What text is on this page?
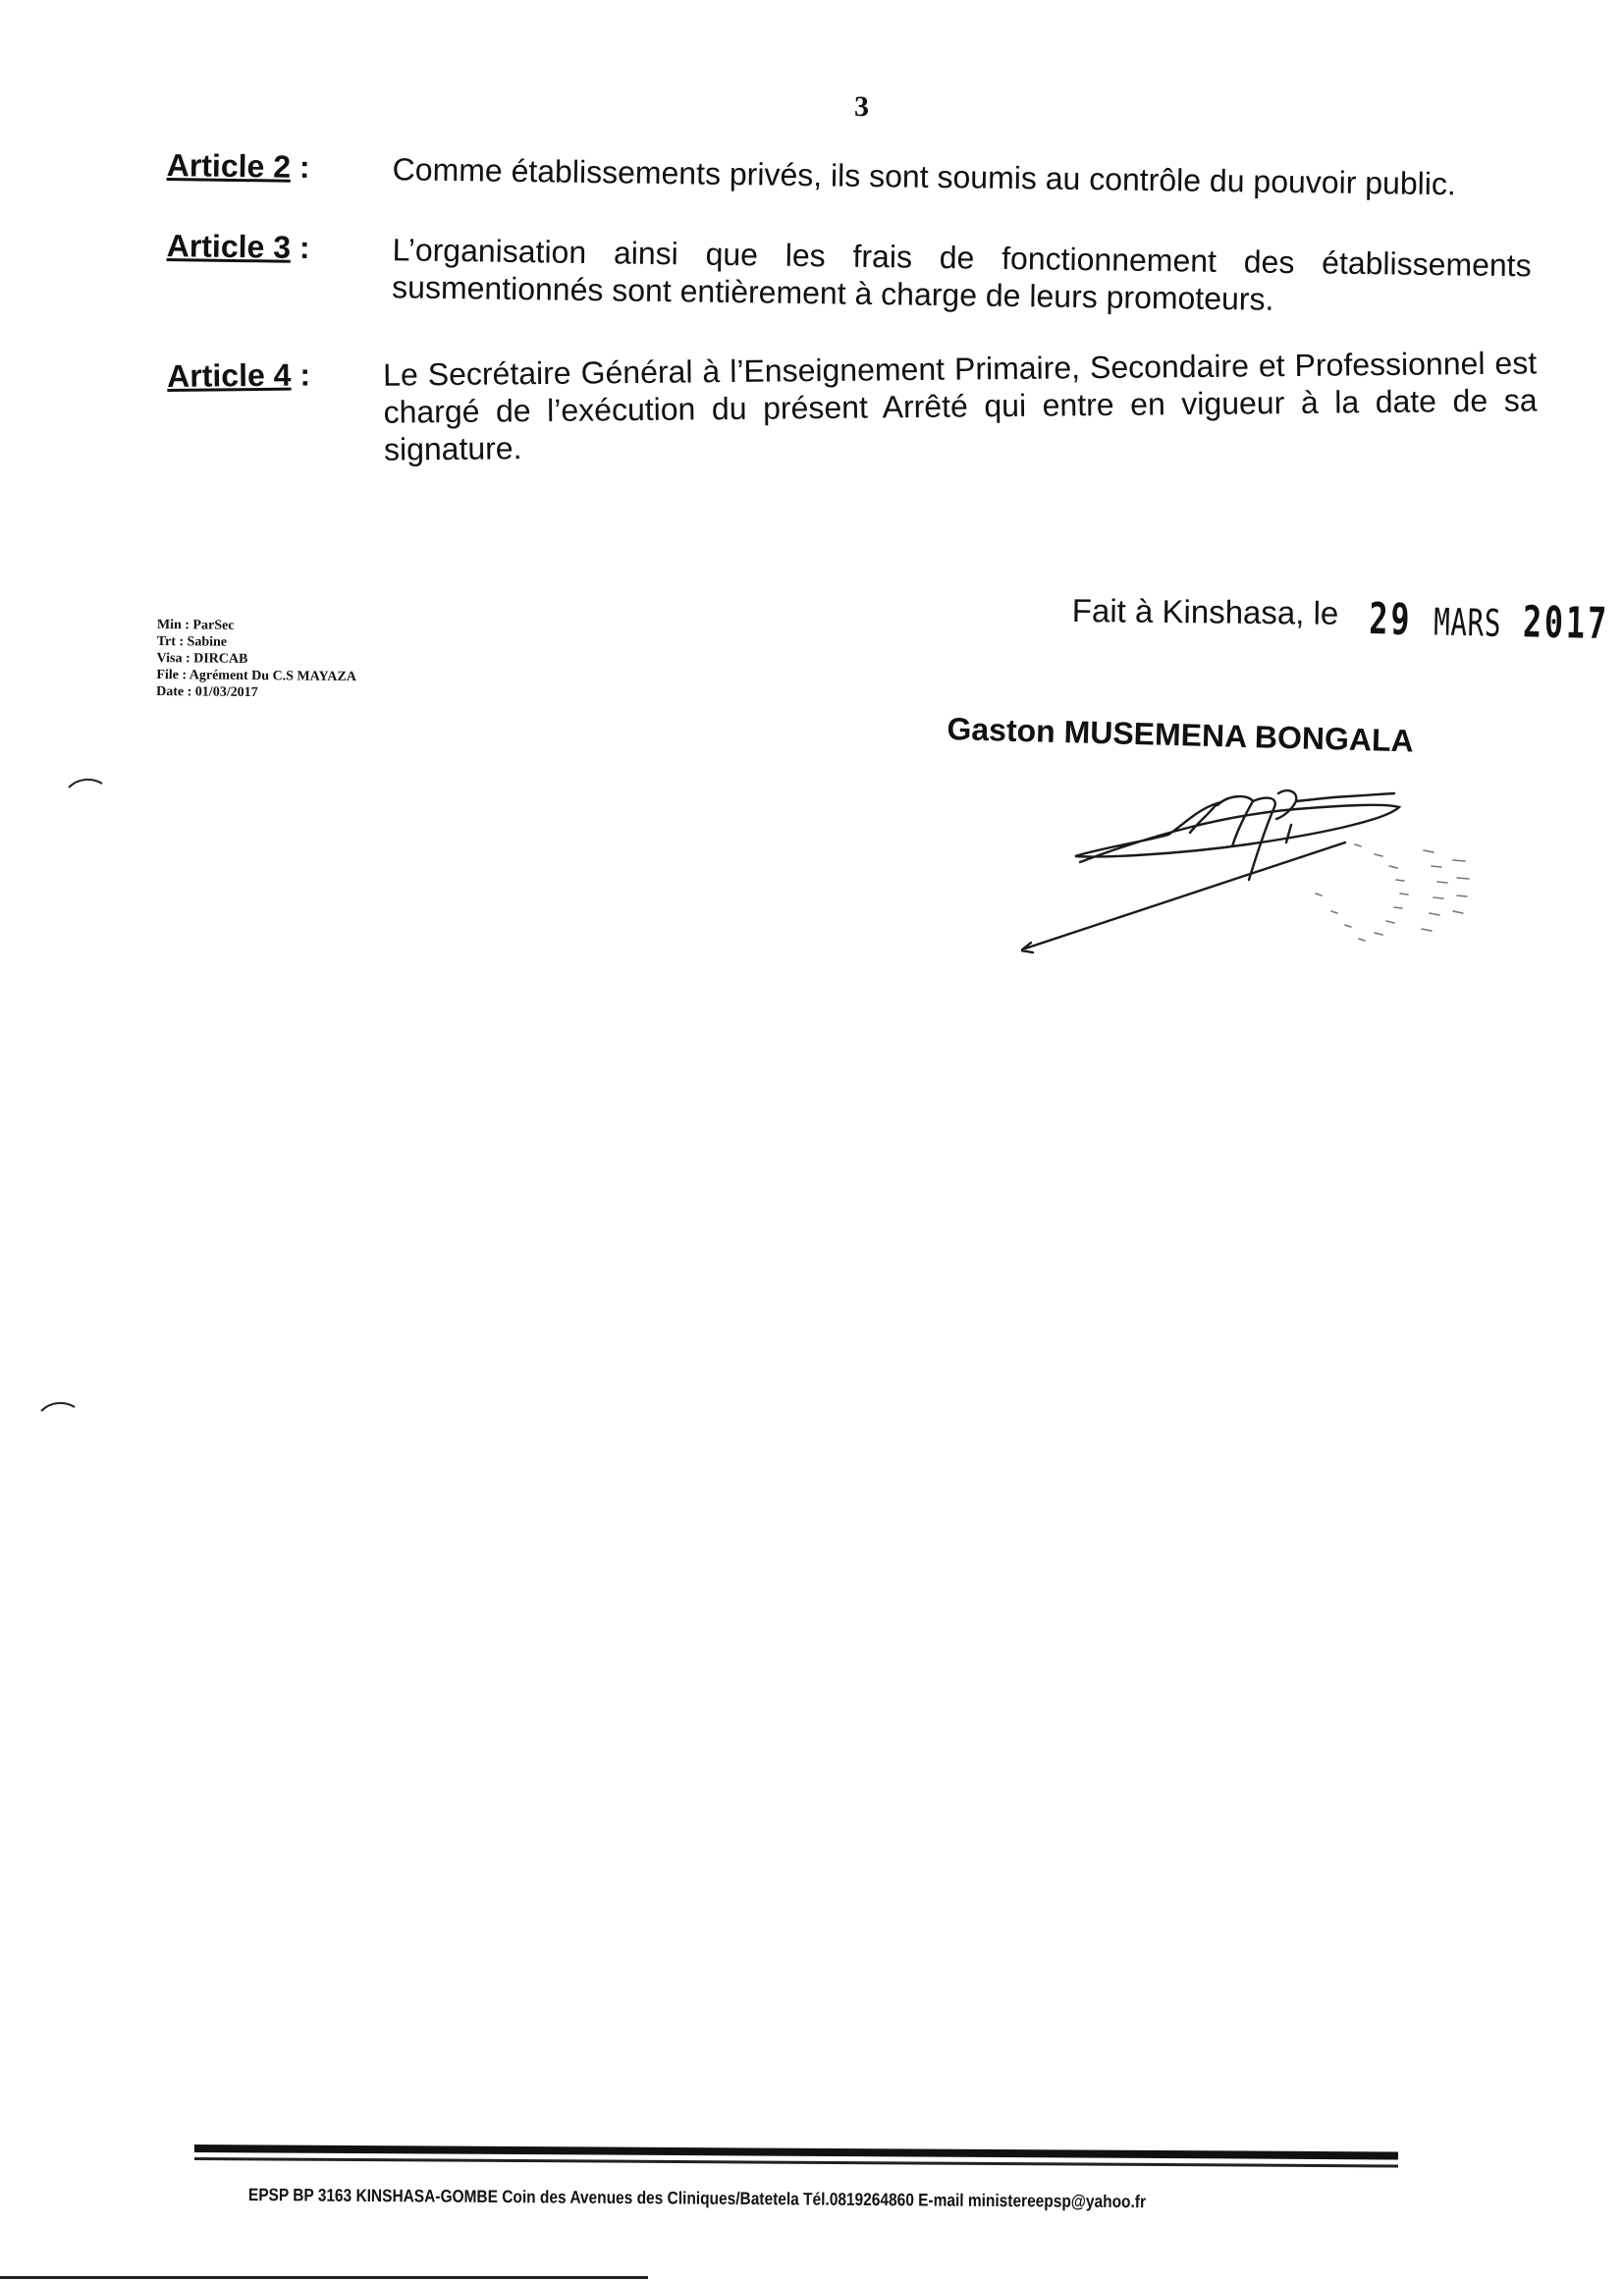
3
Article 2 :	Comme établissements privés, ils sont soumis au contrôle du pouvoir public.
Article 3 :	L’organisation ainsi que les frais de fonctionnement des établissements susmentionnés sont entièrement à charge de leurs promoteurs.
Article 4 : Le Secrétaire Général à l’Enseignement Primaire, Secondaire et Professionnel est chargé de l’exécution du présent Arrêté qui entre en vigueur à la date de sa signature.
Min : ParSec
Trt : Sabine
Visa : DIRCAB
File : Agrément Du C.S MAYAZA
Date : 01/03/2017
Fait à Kinshasa, le 29 MARS 2017
Gaston MUSEMENA BONGALA
EPSP BP 3163 KINSHASA-GOMBE Coin des Avenues des Cliniques/Batetela Tél.0819264860 E-mail ministereepsp@yahoo.fr
